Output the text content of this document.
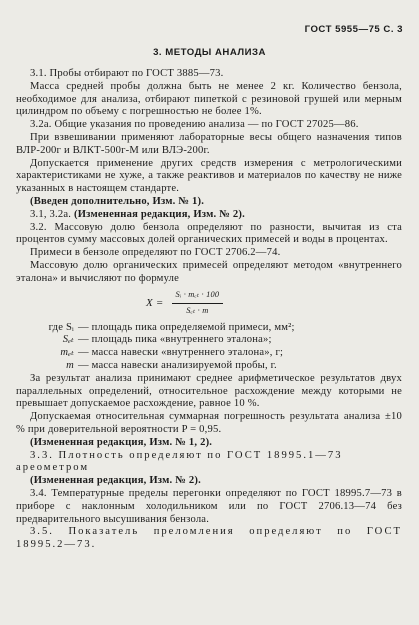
ГОСТ 5955—75 С. 3
3. МЕТОДЫ АНАЛИЗА

3.1. Пробы отбирают по ГОСТ 3885—73.

Масса средней пробы должна быть не менее 2 кг. Количество бензола, необходимое для анализа, отбирают пипеткой с резиновой грушей или мерным цилиндром по объему с погрешностью не более 1%.

3.2а. Общие указания по проведению анализа — по ГОСТ 27025—86.

При взвешивании применяют лабораторные весы общего назначения типов ВЛР-200г и ВЛКТ-500г-М или ВЛЭ-200г.

Допускается применение других средств измерения с метрологическими характеристиками не хуже, а также реактивов и материалов по качеству не ниже указанных в настоящем стандарте.

(Введен дополнительно, Изм. № 1).

3.1, 3.2а. (Измененная редакция, Изм. № 2).

3.2. Массовую долю бензола определяют по разности, вычитая из ста процентов сумму массовых долей органических примесей и воды в процентах.

Примеси в бензоле определяют по ГОСТ 2706.2—74.

Массовую долю органических примесей определяют методом «внутреннего эталона» и вычисляют по формуле

$X = \frac{\text{Sᵢ · mₑₜ · 100}}{\text{Sₑₜ · m}}$
где Sᵢ — площадь пика определяемой примеси, мм²;
Sₑₜ — площадь пика «внутреннего эталона»;
mₑₜ — масса навески «внутреннего эталона», г;
m — масса навески анализируемой пробы, г.

За результат анализа принимают среднее арифметическое результатов двух параллельных определений, относительное расхождение между которыми не превышает допускаемое расхождение, равное 10 %.

Допускаемая относительная суммарная погрешность результата анализа ±10 % при доверительной вероятности P = 0,95.

(Измененная редакция, Изм. № 1, 2).

3.3. Плотность определяют по ГОСТ 18995.1—73

ареометром

(Измененная редакция, Изм. № 2).

3.4. Температурные пределы перегонки определяют по ГОСТ 18995.7—73 в приборе с наклонным холодильником или по ГОСТ 2706.13—74 без предварительного высушивания бензола.

3.5. Показатель преломления определяют по ГОСТ 18995.2—73.
